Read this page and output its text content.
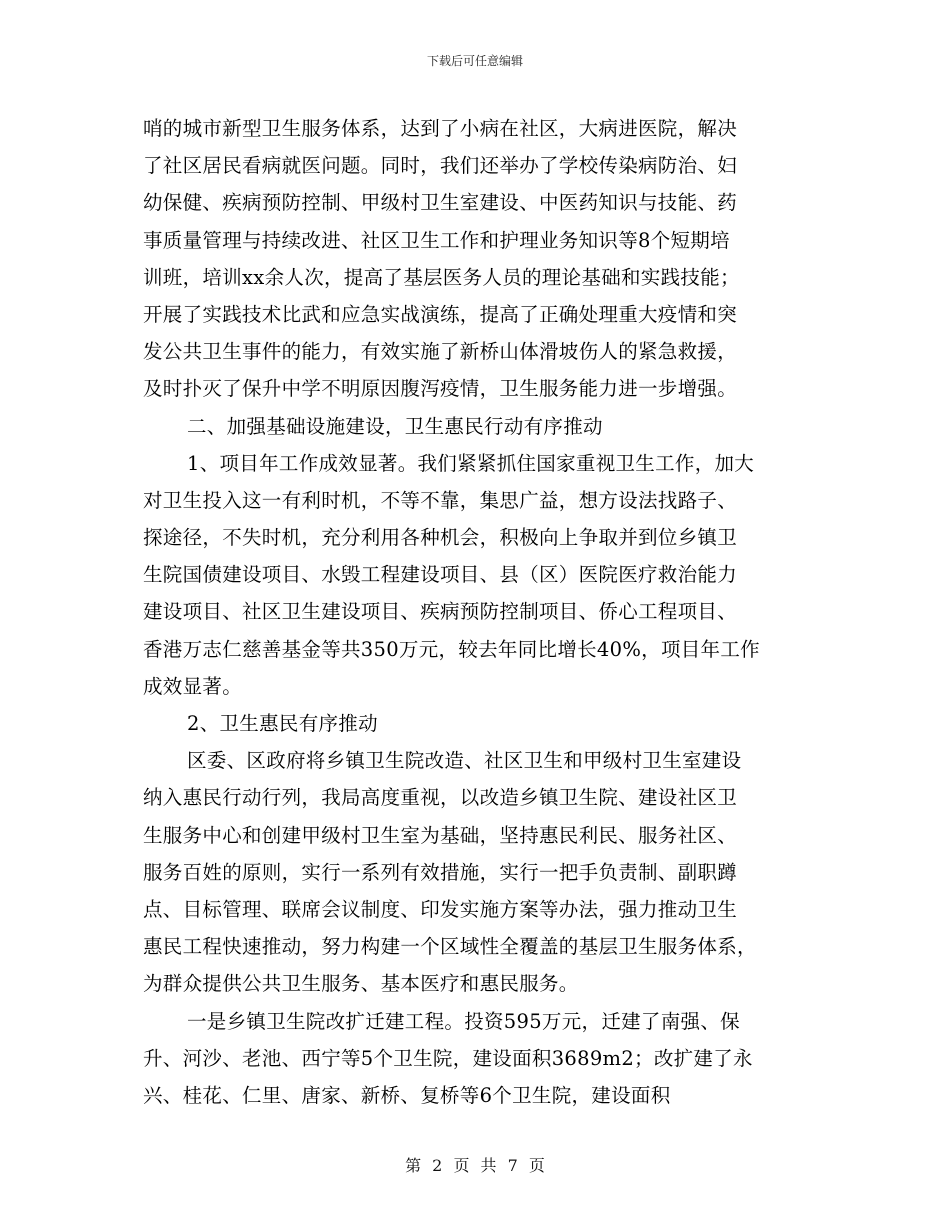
下载后可任意编辑
哨的城市新型卫生服务体系，达到了小病在社区，大病进医院，解决
了社区居民看病就医问题。同时，我们还举办了学校传染病防治、妇
幼保健、疾病预防控制、甲级村卫生室建设、中医药知识与技能、药
事质量管理与持续改进、社区卫生工作和护理业务知识等8个短期培
训班，培训xx余人次，提高了基层医务人员的理论基础和实践技能；
开展了实践技术比武和应急实战演练，提高了正确处理重大疫情和突
发公共卫生事件的能力，有效实施了新桥山体滑坡伤人的紧急救援，
及时扑灭了保升中学不明原因腹泻疫情，卫生服务能力进一步增强。
二、加强基础设施建设，卫生惠民行动有序推动
1、项目年工作成效显著。我们紧紧抓住国家重视卫生工作，加大
对卫生投入这一有利时机，不等不靠，集思广益，想方设法找路子、
探途径，不失时机，充分利用各种机会，积极向上争取并到位乡镇卫
生院国债建设项目、水毁工程建设项目、县（区）医院医疗救治能力
建设项目、社区卫生建设项目、疾病预防控制项目、侨心工程项目、
香港万志仁慈善基金等共350万元，较去年同比增长40%，项目年工作
成效显著。
2、卫生惠民有序推动
区委、区政府将乡镇卫生院改造、社区卫生和甲级村卫生室建设
纳入惠民行动行列，我局高度重视，以改造乡镇卫生院、建设社区卫
生服务中心和创建甲级村卫生室为基础，坚持惠民利民、服务社区、
服务百姓的原则，实行一系列有效措施，实行一把手负责制、副职蹲
点、目标管理、联席会议制度、印发实施方案等办法，强力推动卫生
惠民工程快速推动，努力构建一个区域性全覆盖的基层卫生服务体系，
为群众提供公共卫生服务、基本医疗和惠民服务。
一是乡镇卫生院改扩迁建工程。投资595万元，迁建了南强、保
升、河沙、老池、西宁等5个卫生院，建设面积3689m2；改扩建了永
兴、桂花、仁里、唐家、新桥、复桥等6个卫生院，建设面积
第 2 页 共 7 页
